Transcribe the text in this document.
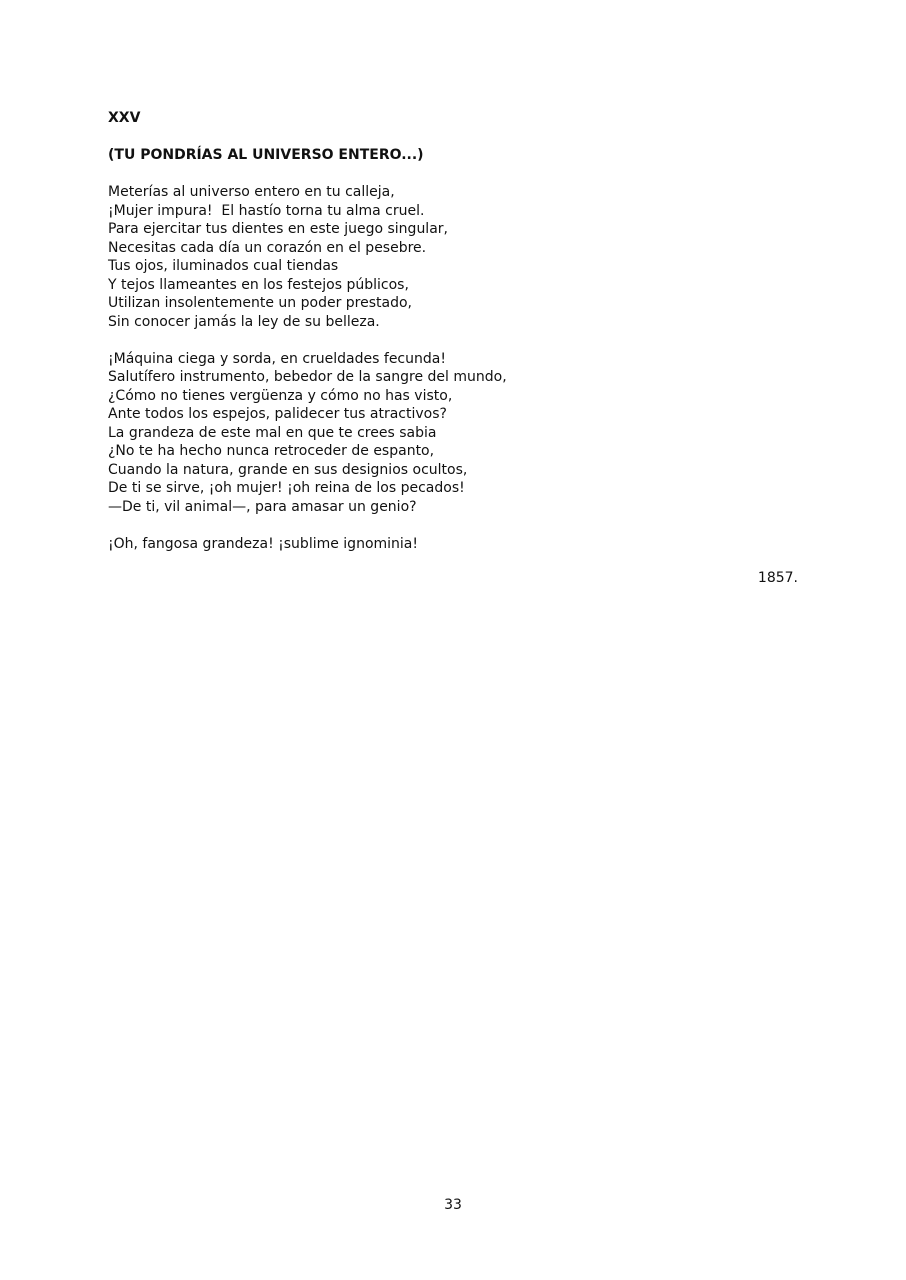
XXV
(TU PONDRÍAS AL UNIVERSO ENTERO...)
Meterías al universo entero en tu calleja,
¡Mujer impura!  El hastío torna tu alma cruel.
Para ejercitar tus dientes en este juego singular,
Necesitas cada día un corazón en el pesebre.
Tus ojos, iluminados cual tiendas
Y tejos llameantes en los festejos públicos,
Utilizan insolentemente un poder prestado,
Sin conocer jamás la ley de su belleza.
¡Máquina ciega y sorda, en crueldades fecunda!
Salutífero instrumento, bebedor de la sangre del mundo,
¿Cómo no tienes vergüenza y cómo no has visto,
Ante todos los espejos, palidecer tus atractivos?
La grandeza de este mal en que te crees sabia
¿No te ha hecho nunca retroceder de espanto,
Cuando la natura, grande en sus designios ocultos,
De ti se sirve, ¡oh mujer! ¡oh reina de los pecados!
—De ti, vil animal—, para amasar un genio?
¡Oh, fangosa grandeza! ¡sublime ignominia!
1857.
33
